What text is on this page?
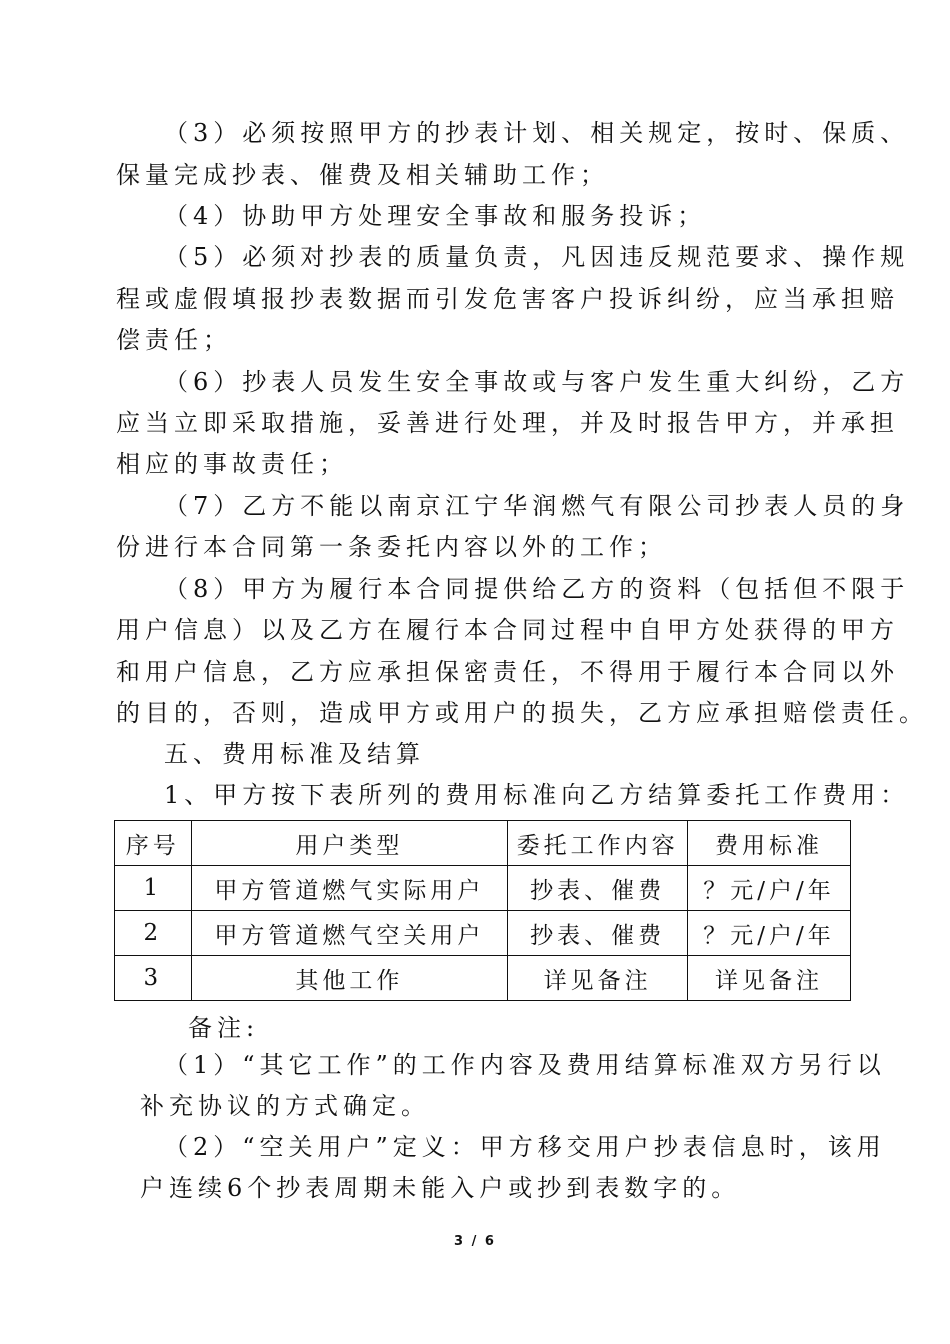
（3）必须按照甲方的抄表计划、相关规定，按时、保质、
保量完成抄表、催费及相关辅助工作；
（4）协助甲方处理安全事故和服务投诉；
（5）必须对抄表的质量负责，凡因违反规范要求、操作规
程或虚假填报抄表数据而引发危害客户投诉纠纷，应当承担赔
偿责任；
（6）抄表人员发生安全事故或与客户发生重大纠纷，乙方
应当立即采取措施，妥善进行处理，并及时报告甲方，并承担
相应的事故责任；
（7）乙方不能以南京江宁华润燃气有限公司抄表人员的身
份进行本合同第一条委托内容以外的工作；
（8）甲方为履行本合同提供给乙方的资料（包括但不限于
用户信息）以及乙方在履行本合同过程中自甲方处获得的甲方
和用户信息，乙方应承担保密责任，不得用于履行本合同以外
的目的，否则，造成甲方或用户的损失，乙方应承担赔偿责任。
五、费用标准及结算
1、甲方按下表所列的费用标准向乙方结算委托工作费用：
序号	用户类型	委托工作内容	费用标准
1	甲方管道燃气实际用户	抄表、催费	？元/户/年
2	甲方管道燃气空关用户	抄表、催费	？元/户/年
3	其他工作	详见备注	详见备注
备注:
（1）“其它工作”的工作内容及费用结算标准双方另行以
补充协议的方式确定。
（2）“空关用户”定义：甲方移交用户抄表信息时，该用
户连续6个抄表周期未能入户或抄到表数字的。
3 / 6
